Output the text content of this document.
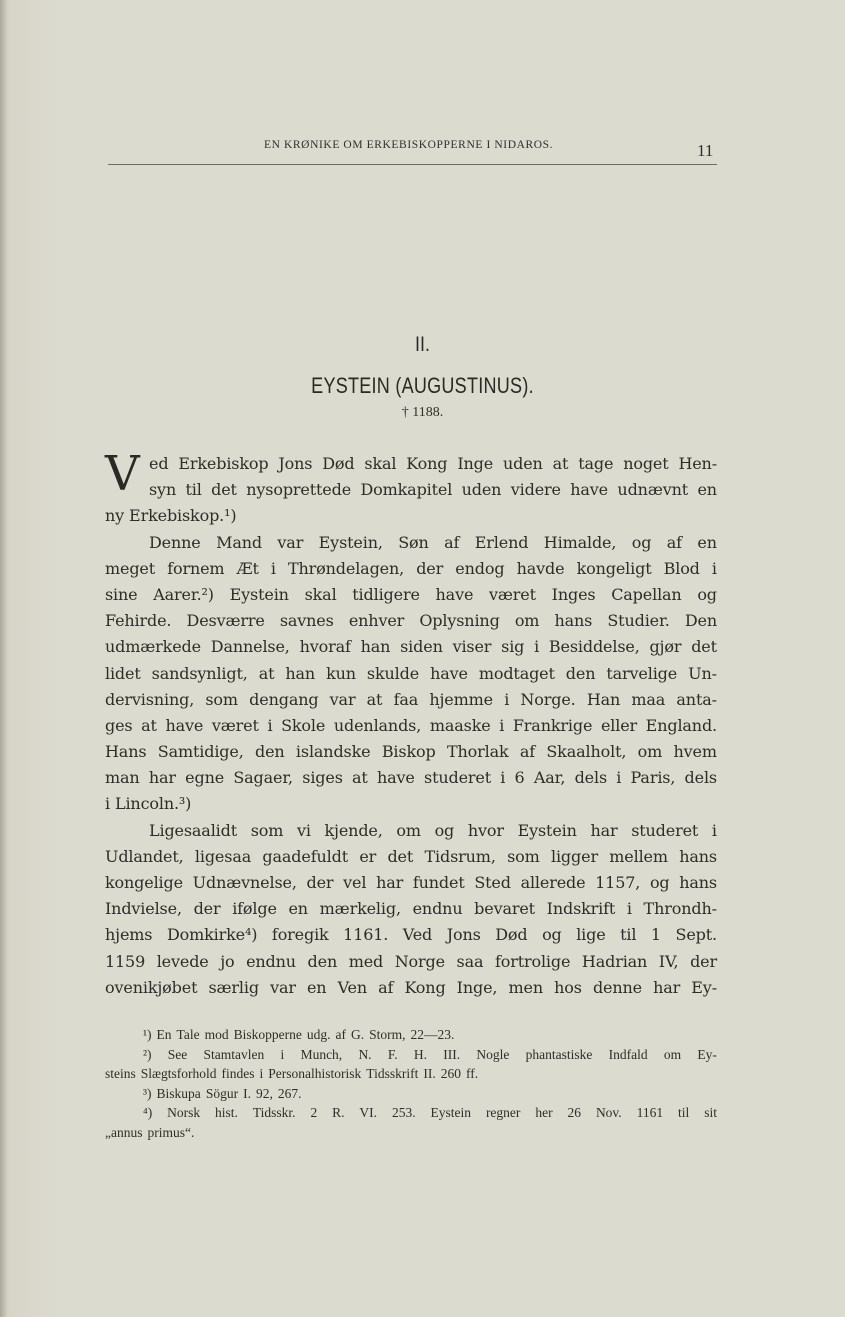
EN KRØNIKE OM ERKEBISKOPPERNE I NIDAROS.	11
II.
EYSTEIN (AUGUSTINUS).
† 1188.
V ed Erkebiskop Jons Død skal Kong Inge uden at tage noget Hen-
syn til det nysoprettede Domkapitel uden videre have udnævnt en
ny Erkebiskop.¹)
Denne Mand var Eystein, Søn af Erlend Himalde, og af en
meget fornem Æt i Thrøndelagen, der endog havde kongeligt Blod i
sine Aarer.²) Eystein skal tidligere have været Inges Capellan og
Fehirde. Desværre savnes enhver Oplysning om hans Studier. Den
udmærkede Dannelse, hvoraf han siden viser sig i Besiddelse, gjør det
lidet sandsynligt, at han kun skulde have modtaget den tarvelige Un-
dervisning, som dengang var at faa hjemme i Norge. Han maa anta-
ges at have været i Skole udenlands, maaske i Frankrige eller England.
Hans Samtidige, den islandske Biskop Thorlak af Skaalholt, om hvem
man har egne Sagaer, siges at have studeret i 6 Aar, dels i Paris, dels
i Lincoln.³)
Ligesaalidt som vi kjende, om og hvor Eystein har studeret i
Udlandet, ligesaa gaadefuldt er det Tidsrum, som ligger mellem hans
kongelige Udnævnelse, der vel har fundet Sted allerede 1157, og hans
Indvielse, der ifølge en mærkelig, endnu bevaret Indskrift i Throndh-
hjems Domkirke⁴) foregik 1161. Ved Jons Død og lige til 1 Sept.
1159 levede jo endnu den med Norge saa fortrolige Hadrian IV, der
ovenikjøbet særlig var en Ven af Kong Inge, men hos denne har Ey-
¹) En Tale mod Biskopperne udg. af G. Storm, 22—23.
²) See Stamtavlen i Munch, N. F. H. III. Nogle phantastiske Indfald om Ey-
steins Slægtsforhold findes i Personalhistorisk Tidsskrift II. 260 ff.
³) Biskupa Sögur I. 92, 267.
⁴) Norsk hist. Tidsskr. 2 R. VI. 253. Eystein regner her 26 Nov. 1161 til sit
„annus primus“.
